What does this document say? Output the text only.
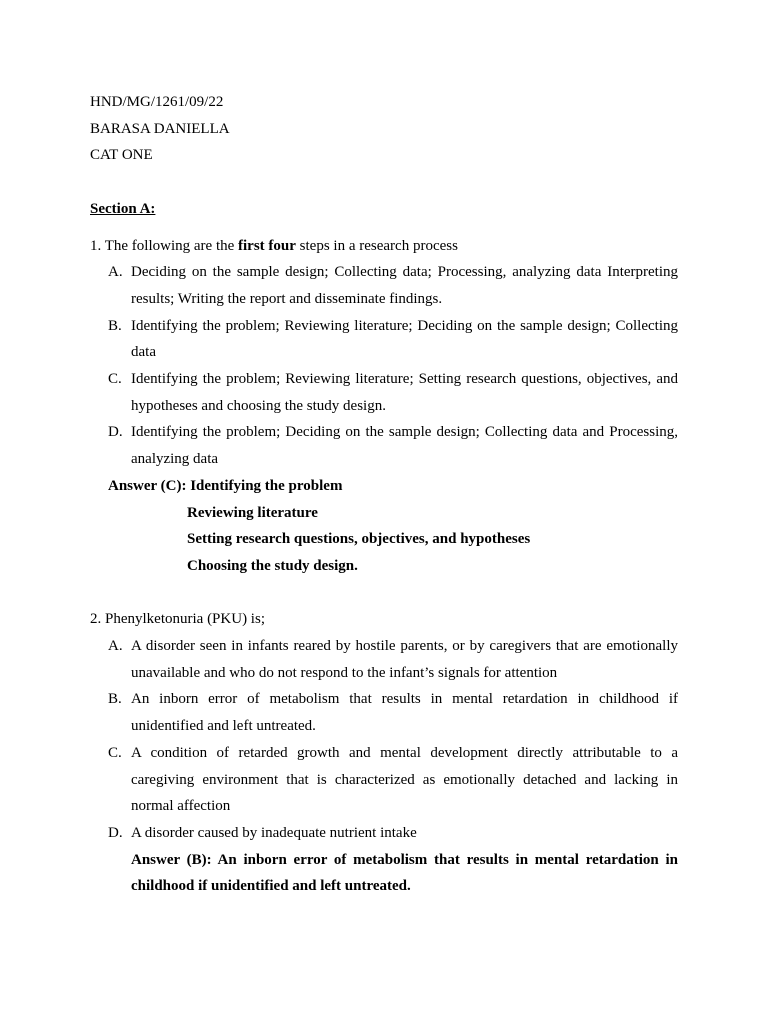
HND/MG/1261/09/22

BARASA DANIELLA

CAT ONE

Section A:

1. The following are the first four steps in a research process

A. Deciding on the sample design; Collecting data; Processing, analyzing data Interpreting results; Writing the report and disseminate findings.
B. Identifying the problem; Reviewing literature; Deciding on the sample design; Collecting data
C. Identifying the problem; Reviewing literature; Setting research questions, objectives, and hypotheses and choosing the study design.
D. Identifying the problem; Deciding on the sample design; Collecting data and Processing, analyzing data

Answer (C): Identifying the problem

Reviewing literature

Setting research questions, objectives, and hypotheses

Choosing the study design.

2. Phenylketonuria (PKU) is;

A. A disorder seen in infants reared by hostile parents, or by caregivers that are emotionally unavailable and who do not respond to the infant’s signals for attention
B. An inborn error of metabolism that results in mental retardation in childhood if unidentified and left untreated.
C. A condition of retarded growth and mental development directly attributable to a caregiving environment that is characterized as emotionally detached and lacking in normal affection
D. A disorder caused by inadequate nutrient intake

Answer (B): An inborn error of metabolism that results in mental retardation in childhood if unidentified and left untreated.
